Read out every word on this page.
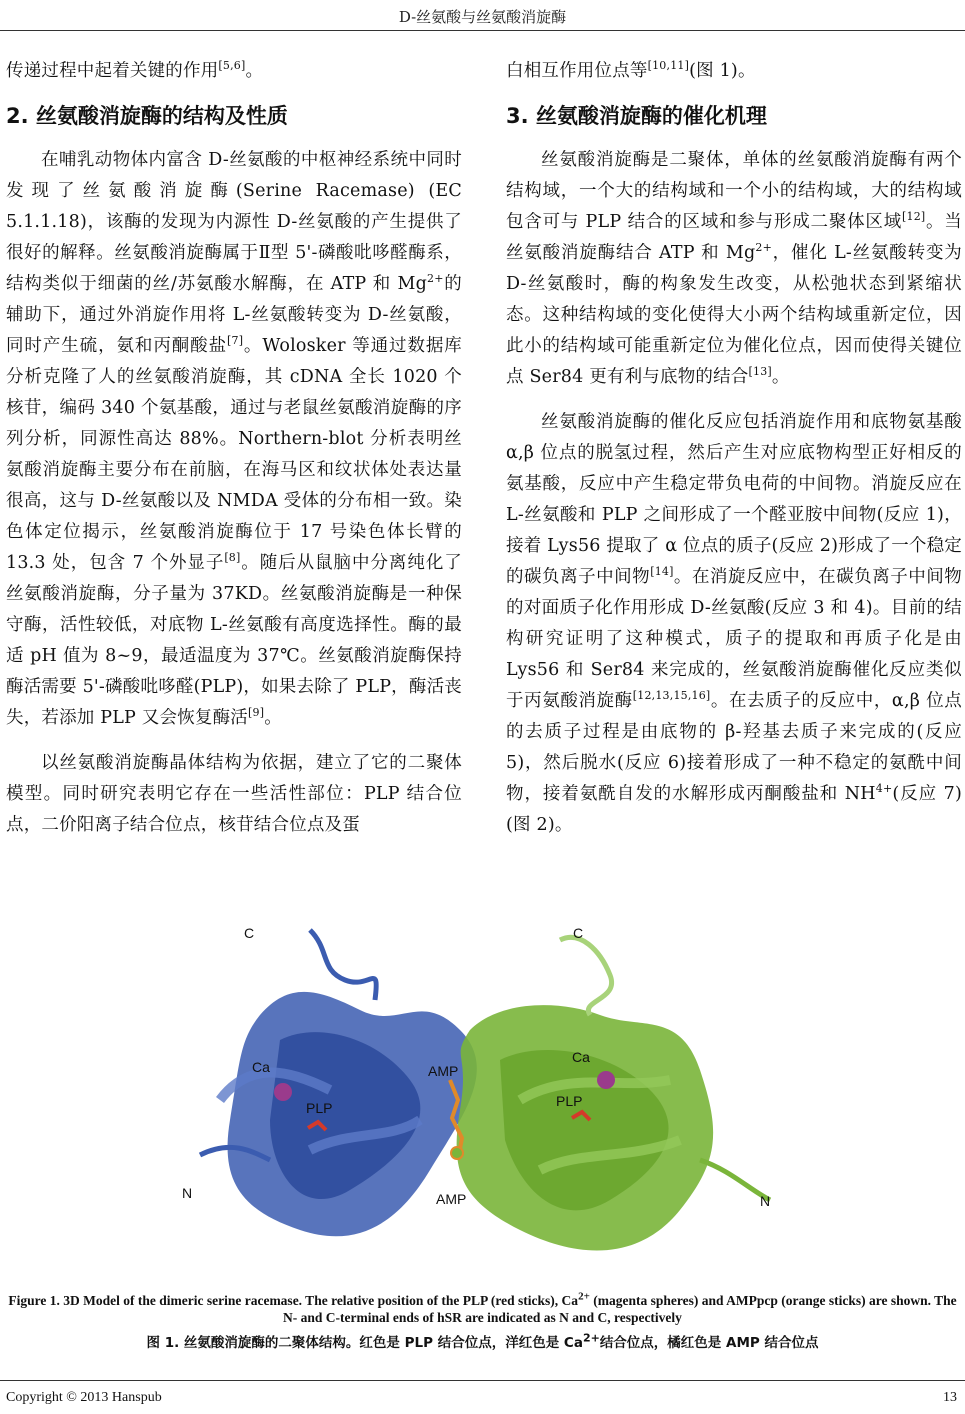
D-丝氨酸与丝氨酸消旋酶

传递过程中起着关键的作用[5,6]。

2. 丝氨酸消旋酶的结构及性质

在哺乳动物体内富含 D-丝氨酸的中枢神经系统中同时发现了丝氨酸消旋酶(Serine Racemase) (EC 5.1.1.18)，该酶的发现为内源性 D-丝氨酸的产生提供了很好的解释。丝氨酸消旋酶属于Ⅱ型 5'-磷酸吡哆醛酶系，结构类似于细菌的丝/苏氨酸水解酶，在 ATP 和 $Mg^{2+}$的辅助下，通过外消旋作用将 L-丝氨酸转变为 D-丝氨酸，同时产生硫，氨和丙酮酸盐[7]。Wolosker 等通过数据库分析克隆了人的丝氨酸消旋酶，其 cDNA 全长 1020 个核苷，编码 340 个氨基酸，通过与老鼠丝氨酸消旋酶的序列分析，同源性高达 88%。Northern-blot 分析表明丝氨酸消旋酶主要分布在前脑，在海马区和纹状体处表达量很高，这与 D-丝氨酸以及 NMDA 受体的分布相一致。染色体定位揭示，丝氨酸消旋酶位于 17 号染色体长臂的 13.3 处，包含 7 个外显子[8]。随后从鼠脑中分离纯化了丝氨酸消旋酶，分子量为 37KD。丝氨酸消旋酶是一种保守酶，活性较低，对底物 L-丝氨酸有高度选择性。酶的最适 pH 值为 8~9，最适温度为 37℃。丝氨酸消旋酶保持酶活需要 5'-磷酸吡哆醛(PLP)，如果去除了 PLP，酶活丧失，若添加 PLP 又会恢复酶活[9]。

以丝氨酸消旋酶晶体结构为依据，建立了它的二聚体模型。同时研究表明它存在一些活性部位：PLP 结合位点，二价阳离子结合位点，核苷结合位点及蛋

白相互作用位点等[10,11](图 1)。

3. 丝氨酸消旋酶的催化机理

丝氨酸消旋酶是二聚体，单体的丝氨酸消旋酶有两个结构域，一个大的结构域和一个小的结构域，大的结构域包含可与 PLP 结合的区域和参与形成二聚体区域[12]。当丝氨酸消旋酶结合 ATP 和 $Mg^{2+}$，催化 L-丝氨酸转变为 D-丝氨酸时，酶的构象发生改变，从松弛状态到紧缩状态。这种结构域的变化使得大小两个结构域重新定位，因此小的结构域可能重新定位为催化位点，因而使得关键位点 Ser84 更有利与底物的结合[13]。

丝氨酸消旋酶的催化反应包括消旋作用和底物氨基酸 α,β 位点的脱氢过程，然后产生对应底物构型正好相反的氨基酸，反应中产生稳定带负电荷的中间物。消旋反应在 L-丝氨酸和 PLP 之间形成了一个醛亚胺中间物(反应 1)，接着 Lys56 提取了 α 位点的质子(反应 2)形成了一个稳定的碳负离子中间物[14]。在消旋反应中，在碳负离子中间物的对面质子化作用形成 D-丝氨酸(反应 3 和 4)。目前的结构研究证明了这种模式，质子的提取和再质子化是由 Lys56 和 Ser84 来完成的，丝氨酸消旋酶催化反应类似于丙氨酸消旋酶[12,13,15,16]。在去质子的反应中，α,β 位点的去质子过程是由底物的 β-羟基去质子来完成的(反应 5)，然后脱水(反应 6)接着形成了一种不稳定的氨酰中间物，接着氨酰自发的水解形成丙酮酸盐和 $NH^{4+}$(反应 7)(图 2)。

C	C
Ca
Ca
PLP	PLP
AMP
AMP
N	N
Figure 1. 3D Model of the dimeric serine racemase. The relative position of the PLP (red sticks), $Ca^{2+}$ (magenta spheres) and AMPpcp (orange sticks) are shown. The N- and C-terminal ends of hSR are indicated as N and C, respectively
图 1. 丝氨酸消旋酶的二聚体结构。红色是 PLP 结合位点，洋红色是 $Ca^{2+}$结合位点，橘红色是 AMP 结合位点
Copyright © 2013 Hanspub	13
